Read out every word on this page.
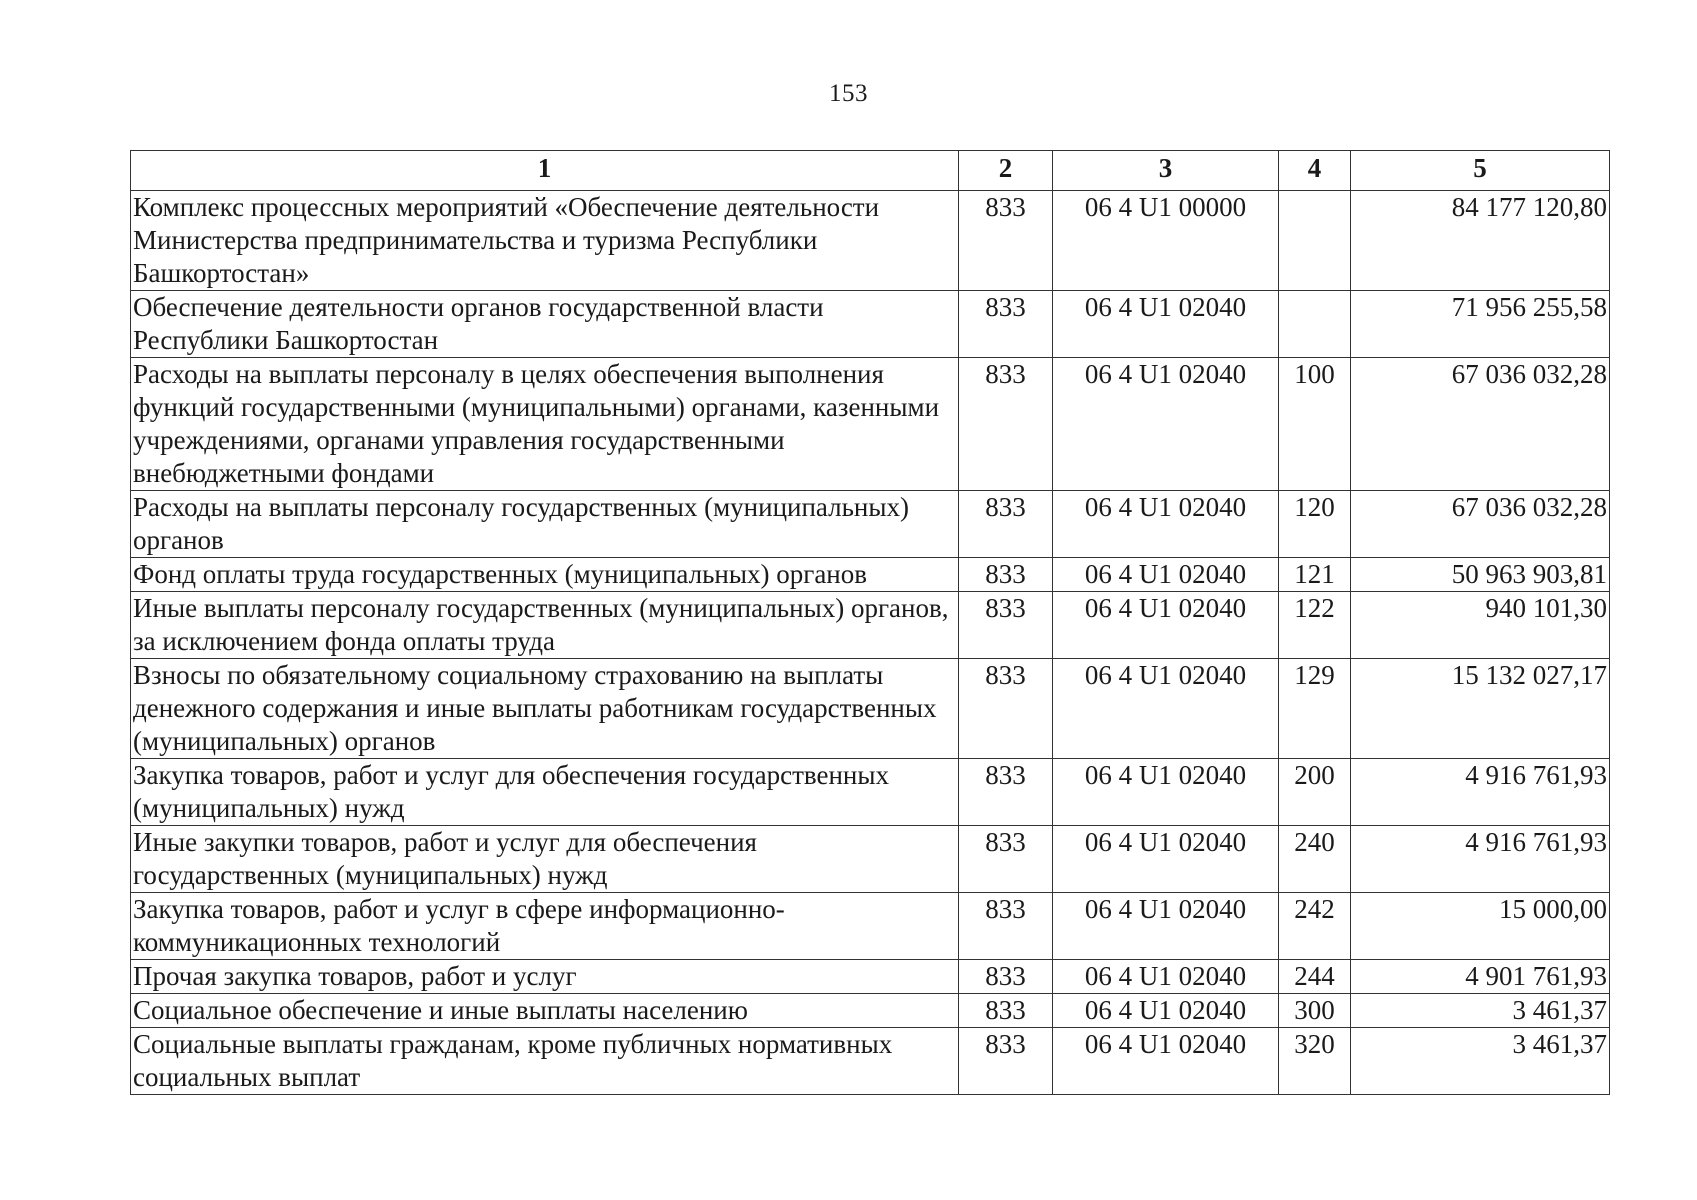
153
1	2	3	4	5
Комплекс процессных мероприятий «Обеспечение деятельности Министерства предпринимательства и туризма Республики Башкортостан»	833	06 4 U1 00000		84 177 120,80
Обеспечение деятельности органов государственной власти Республики Башкортостан	833	06 4 U1 02040		71 956 255,58
Расходы на выплаты персоналу в целях обеспечения выполнения функций государственными (муниципальными) органами, казенными учреждениями, органами управления государственными внебюджетными фондами	833	06 4 U1 02040	100	67 036 032,28
Расходы на выплаты персоналу государственных (муниципальных) органов	833	06 4 U1 02040	120	67 036 032,28
Фонд оплаты труда государственных (муниципальных) органов	833	06 4 U1 02040	121	50 963 903,81
Иные выплаты персоналу государственных (муниципальных) органов, за исключением фонда оплаты труда	833	06 4 U1 02040	122	940 101,30
Взносы по обязательному социальному страхованию на выплаты денежного содержания и иные выплаты работникам государственных (муниципальных) органов	833	06 4 U1 02040	129	15 132 027,17
Закупка товаров, работ и услуг для обеспечения государственных (муниципальных) нужд	833	06 4 U1 02040	200	4 916 761,93
Иные закупки товаров, работ и услуг для обеспечения государственных (муниципальных) нужд	833	06 4 U1 02040	240	4 916 761,93
Закупка товаров, работ и услуг в сфере информационно-коммуникационных технологий	833	06 4 U1 02040	242	15 000,00
Прочая закупка товаров, работ и услуг	833	06 4 U1 02040	244	4 901 761,93
Социальное обеспечение и иные выплаты населению	833	06 4 U1 02040	300	3 461,37
Социальные выплаты гражданам, кроме публичных нормативных социальных выплат	833	06 4 U1 02040	320	3 461,37
